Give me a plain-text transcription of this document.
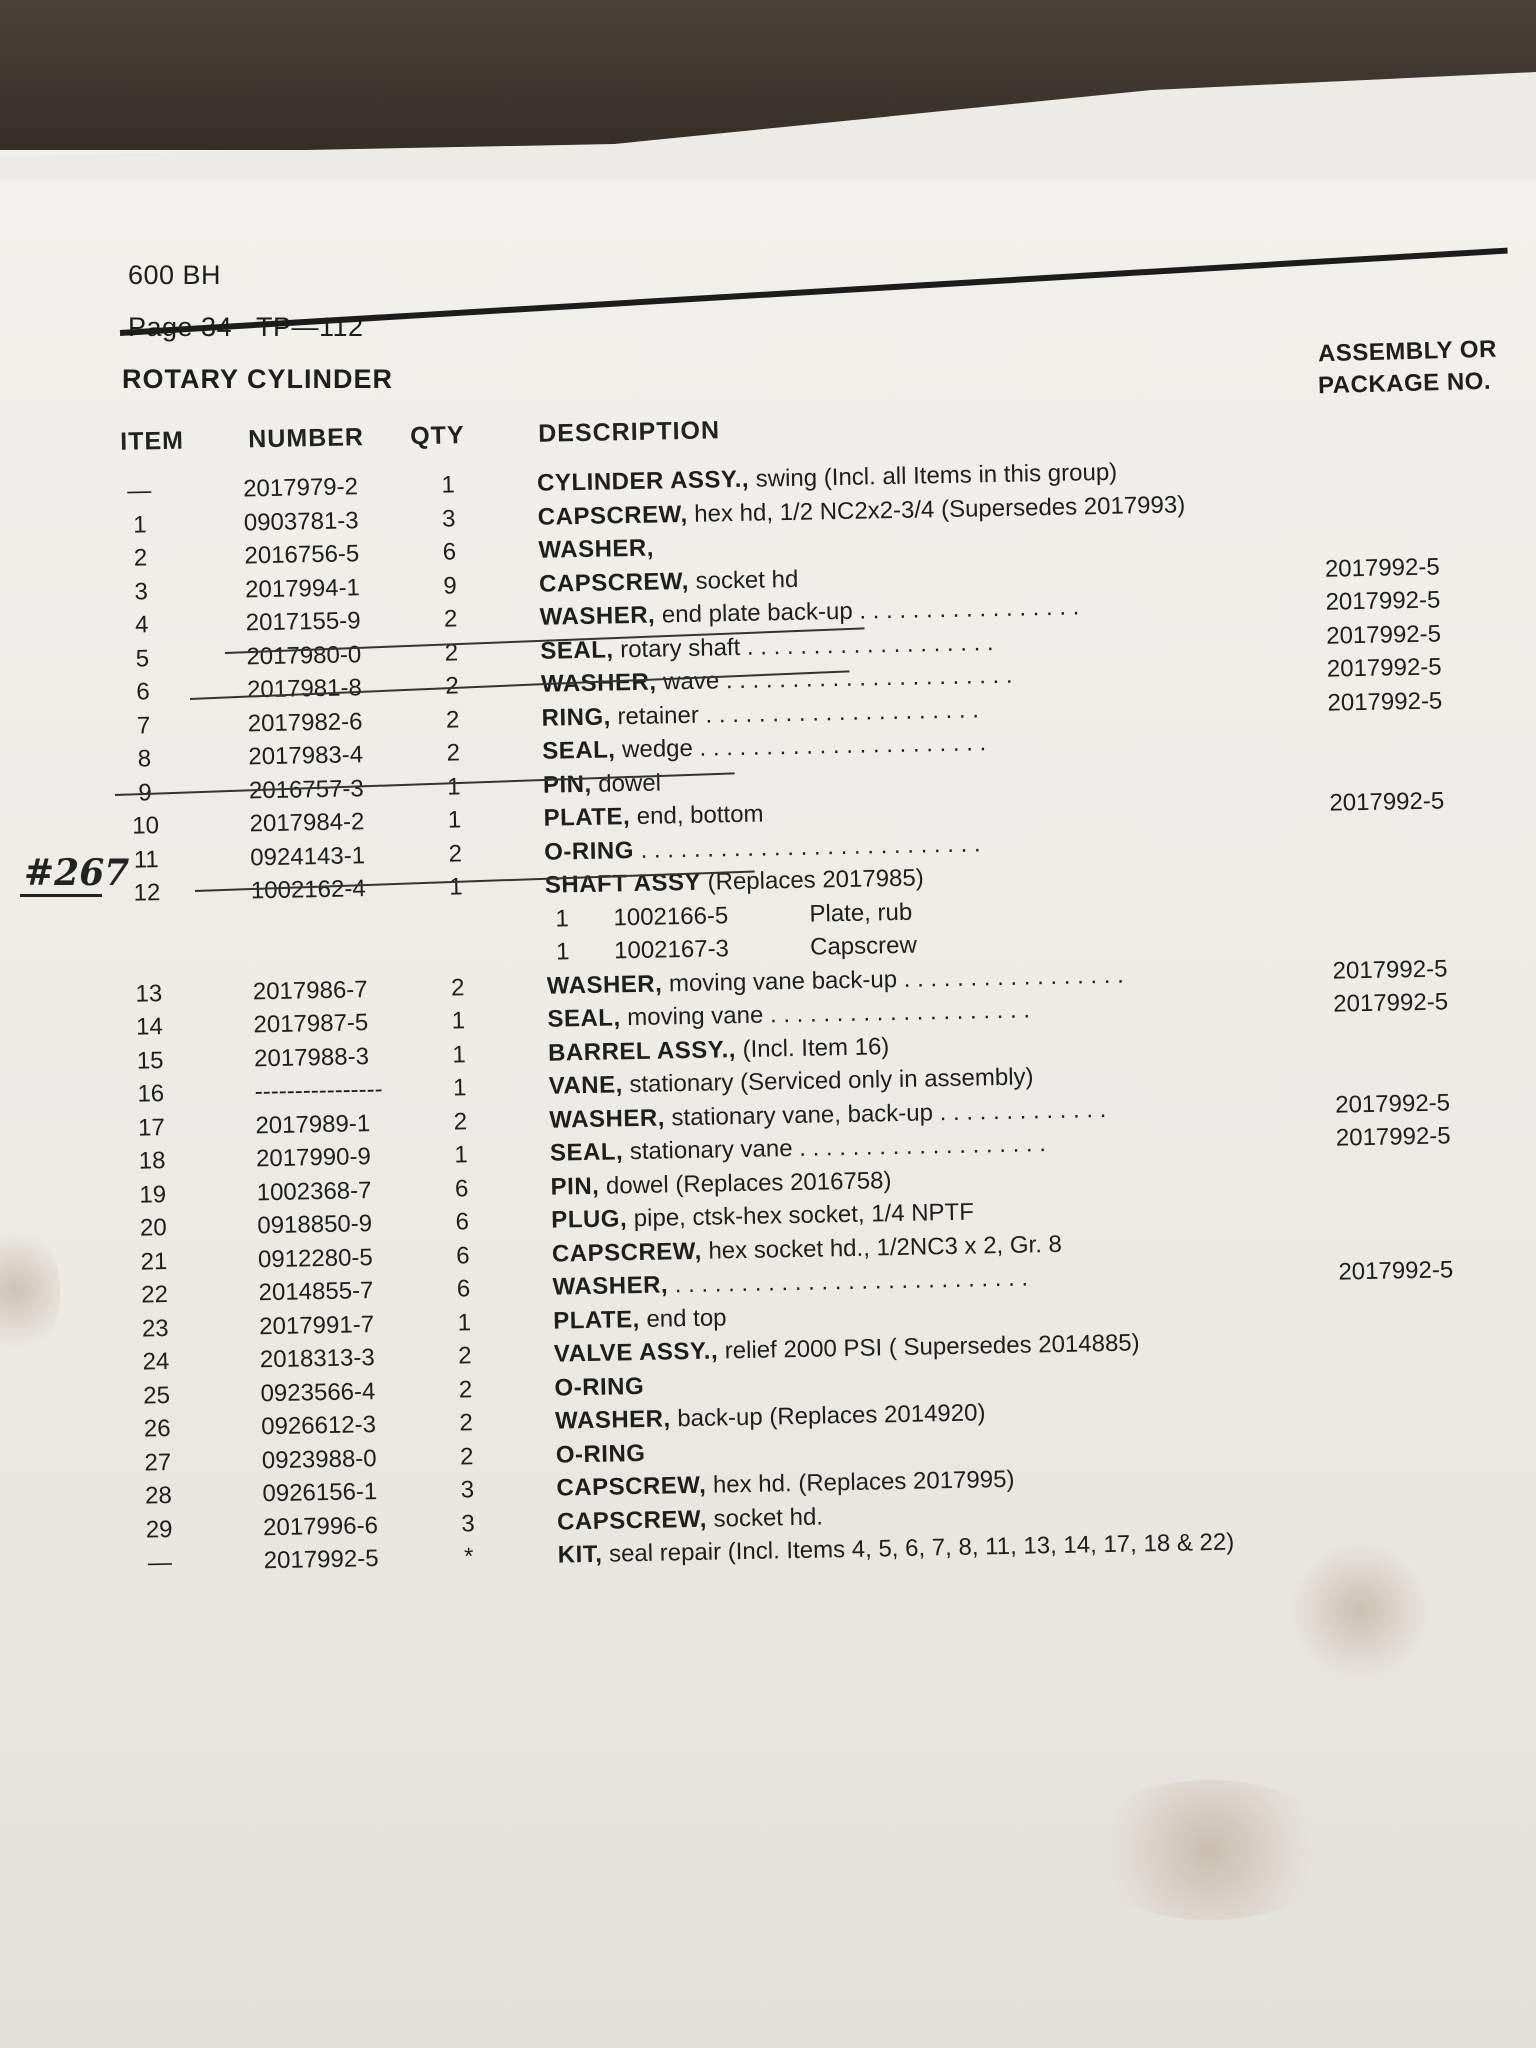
600 BH
Page 34 TP—112
ROTARY CYLINDER
ASSEMBLY OR
PACKAGE NO.
#267
ITEM	NUMBER QTY	DESCRIPTION
—	2017979-2	1	CYLINDER ASSY., swing (Incl. all Items in this group)
1	0903781-3	3	CAPSCREW, hex hd, 1/2 NC2x2-3/4 (Supersedes 2017993)
2	2016756-5	6	WASHER,
3	2017994-1	9	CAPSCREW, socket hd	2017992-5
4	2017155-9	2	WASHER, end plate back-up . . . . . . . . . . . . . . . . .	2017992-5
5	2017980-0	2	SEAL, rotary shaft . . . . . . . . . . . . . . . . . . .	2017992-5
6	2017981-8	2	WASHER, wave . . . . . . . . . . . . . . . . . . . . . .	2017992-5
7	2017982-6	2	RING, retainer . . . . . . . . . . . . . . . . . . . . .	2017992-5
8	2017983-4	2	SEAL, wedge . . . . . . . . . . . . . . . . . . . . . .
9	2016757-3	1	PIN, dowel
10	2017984-2	1	PLATE, end, bottom	2017992-5
11	0924143-1	2	O-RING . . . . . . . . . . . . . . . . . . . . . . . . . .
12	1002162-4	1	SHAFT ASSY (Replaces 2017985)
1 1002166-5	Plate, rub
1 1002167-3	Capscrew
13	2017986-7	2	WASHER, moving vane back-up . . . . . . . . . . . . . . . . .	2017992-5
14	2017987-5	1	SEAL, moving vane . . . . . . . . . . . . . . . . . . . .	2017992-5
15	2017988-3	1	BARREL ASSY., (Incl. Item 16)
16	----------------	1	VANE, stationary (Serviced only in assembly)
17	2017989-1	2	WASHER, stationary vane, back-up . . . . . . . . . . . . .	2017992-5
18	2017990-9	1	SEAL, stationary vane . . . . . . . . . . . . . . . . . . .	2017992-5
19	1002368-7	6	PIN, dowel (Replaces 2016758)
20	0918850-9	6	PLUG, pipe, ctsk-hex socket, 1/4 NPTF
21	0912280-5	6	CAPSCREW, hex socket hd., 1/2NC3 x 2, Gr. 8
22	2014855-7	6	WASHER, . . . . . . . . . . . . . . . . . . . . . . . . . . .	2017992-5
23	2017991-7	1	PLATE, end top
24	2018313-3	2	VALVE ASSY., relief 2000 PSI ( Supersedes 2014885)
25	0923566-4	2	O-RING
26	0926612-3	2	WASHER, back-up (Replaces 2014920)
27	0923988-0	2	O-RING
28	0926156-1	3	CAPSCREW, hex hd. (Replaces 2017995)
29	2017996-6	3	CAPSCREW, socket hd.
—	2017992-5	*	KIT, seal repair (Incl. Items 4, 5, 6, 7, 8, 11, 13, 14, 17, 18 & 22)
